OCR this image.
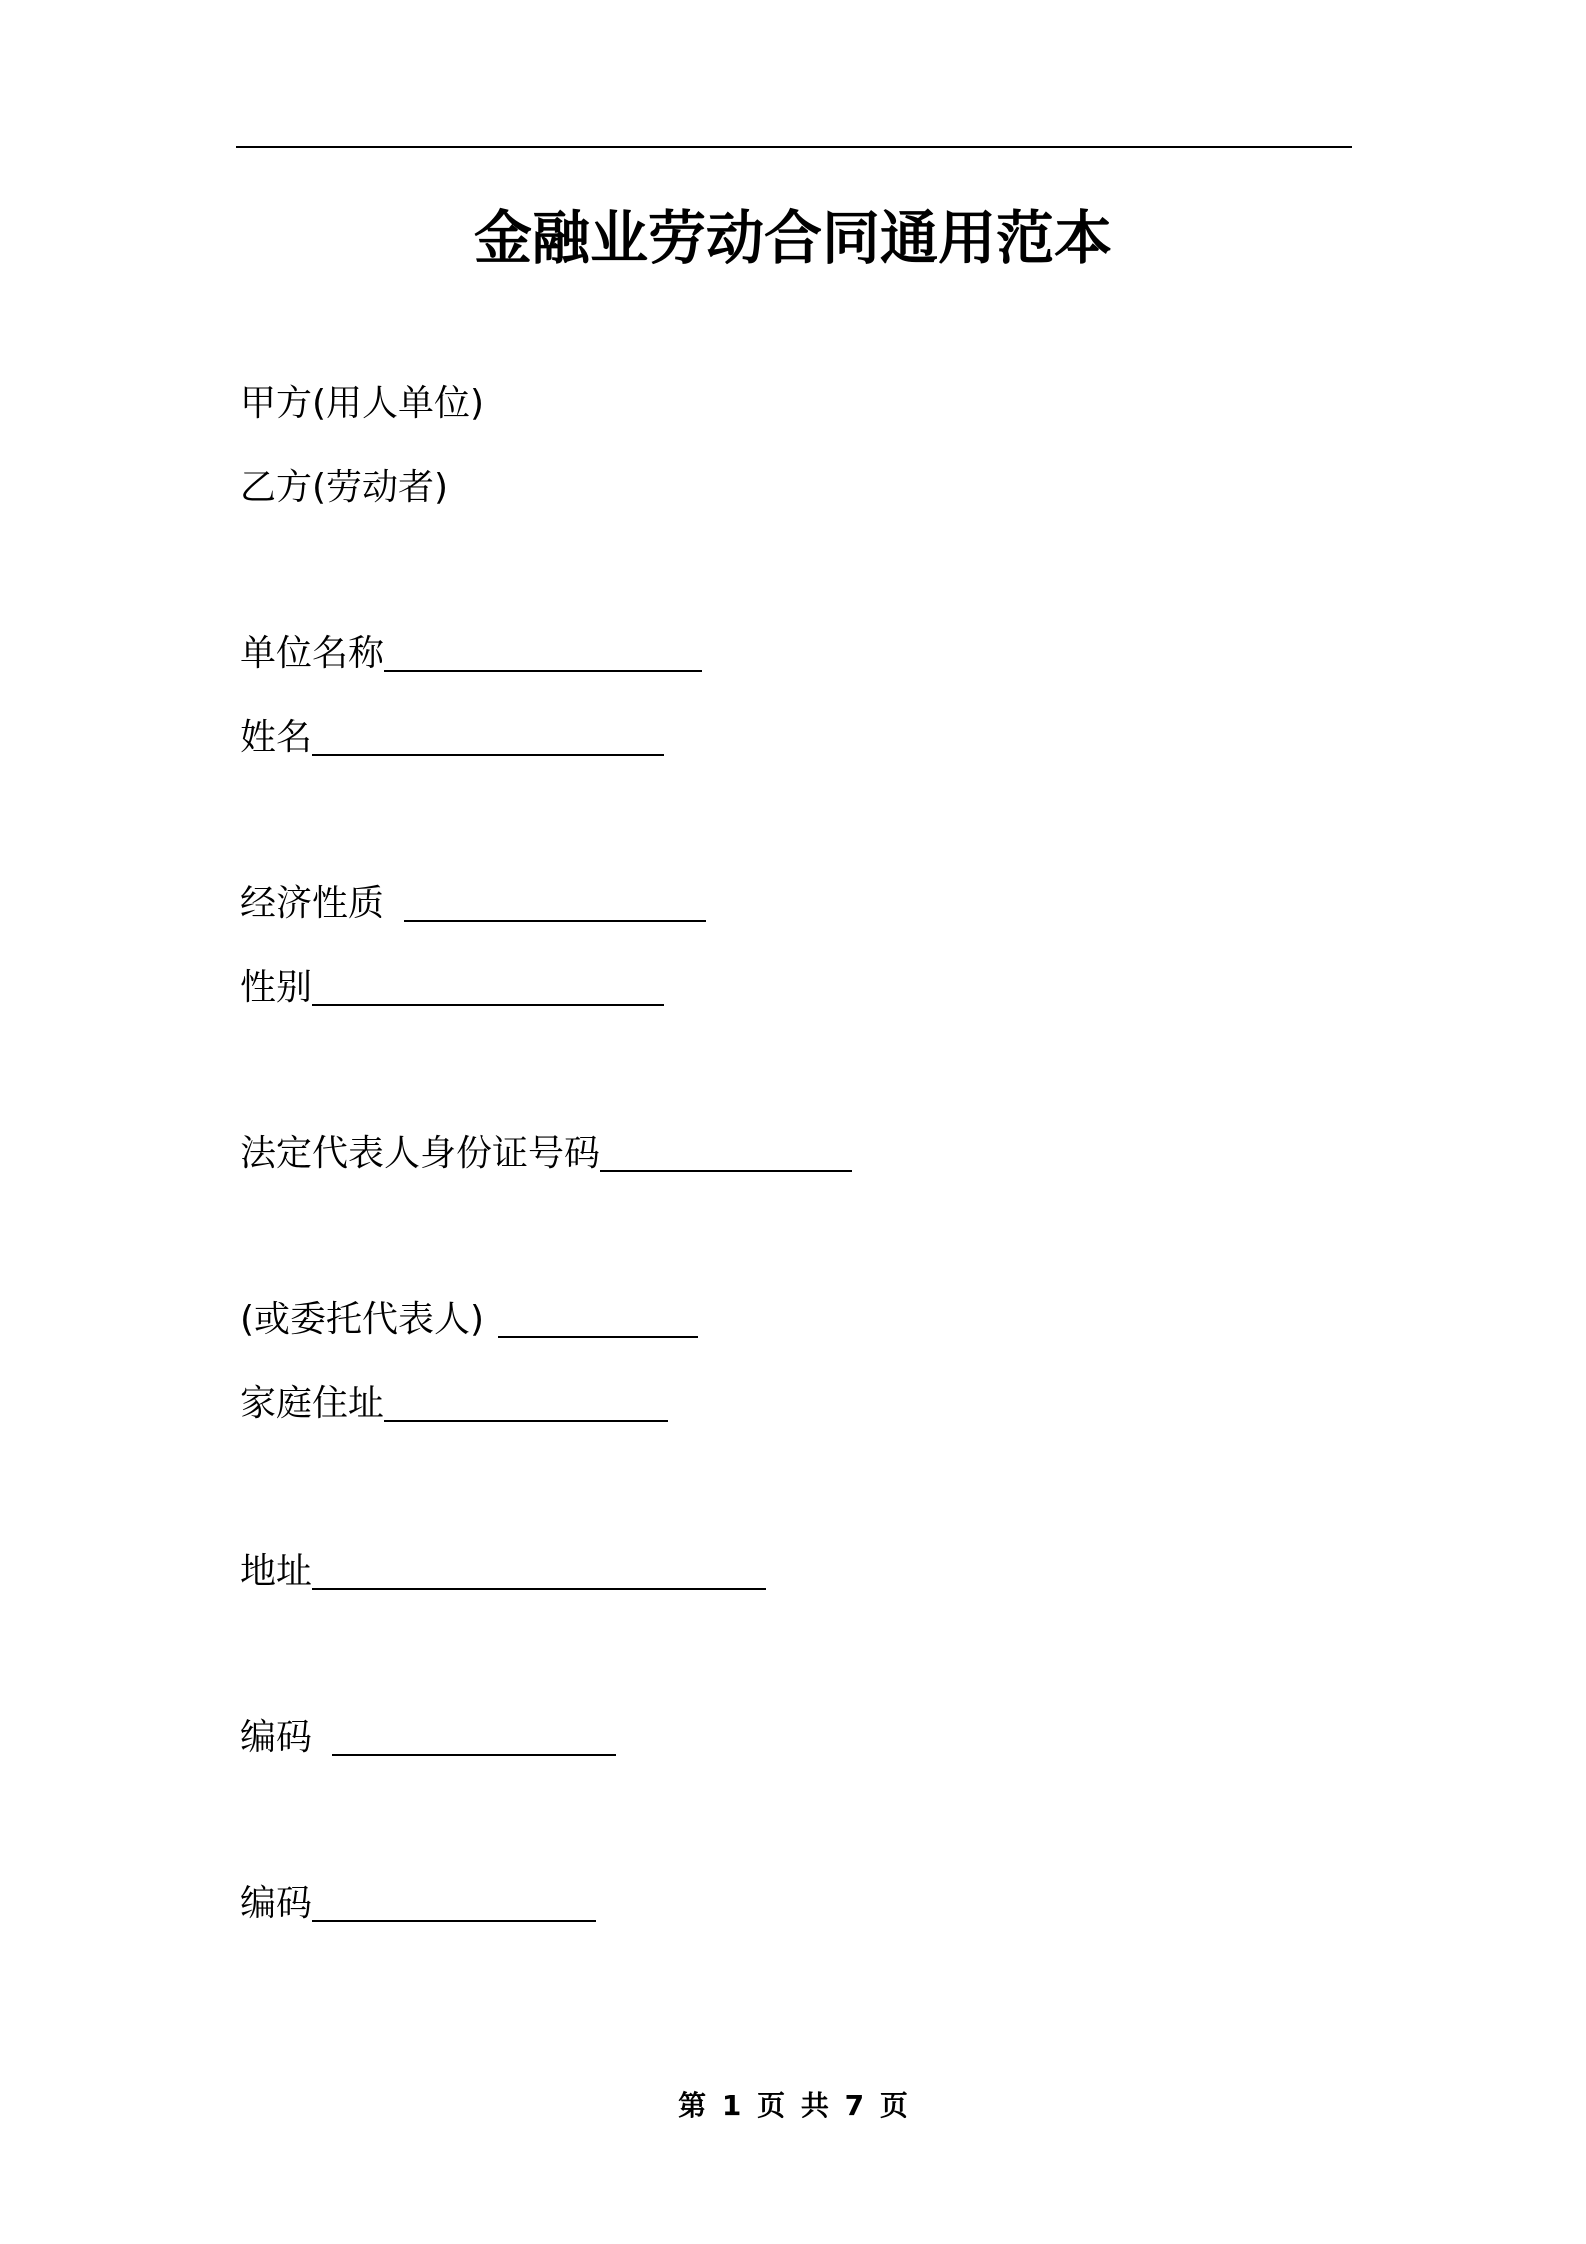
金融业劳动合同通用范本
甲方(用人单位)
乙方(劳动者)
单位名称
姓名
经济性质
性别
法定代表人身份证号码
(或委托代表人)
家庭住址
地址
编码
编码
第 1 页 共 7 页
